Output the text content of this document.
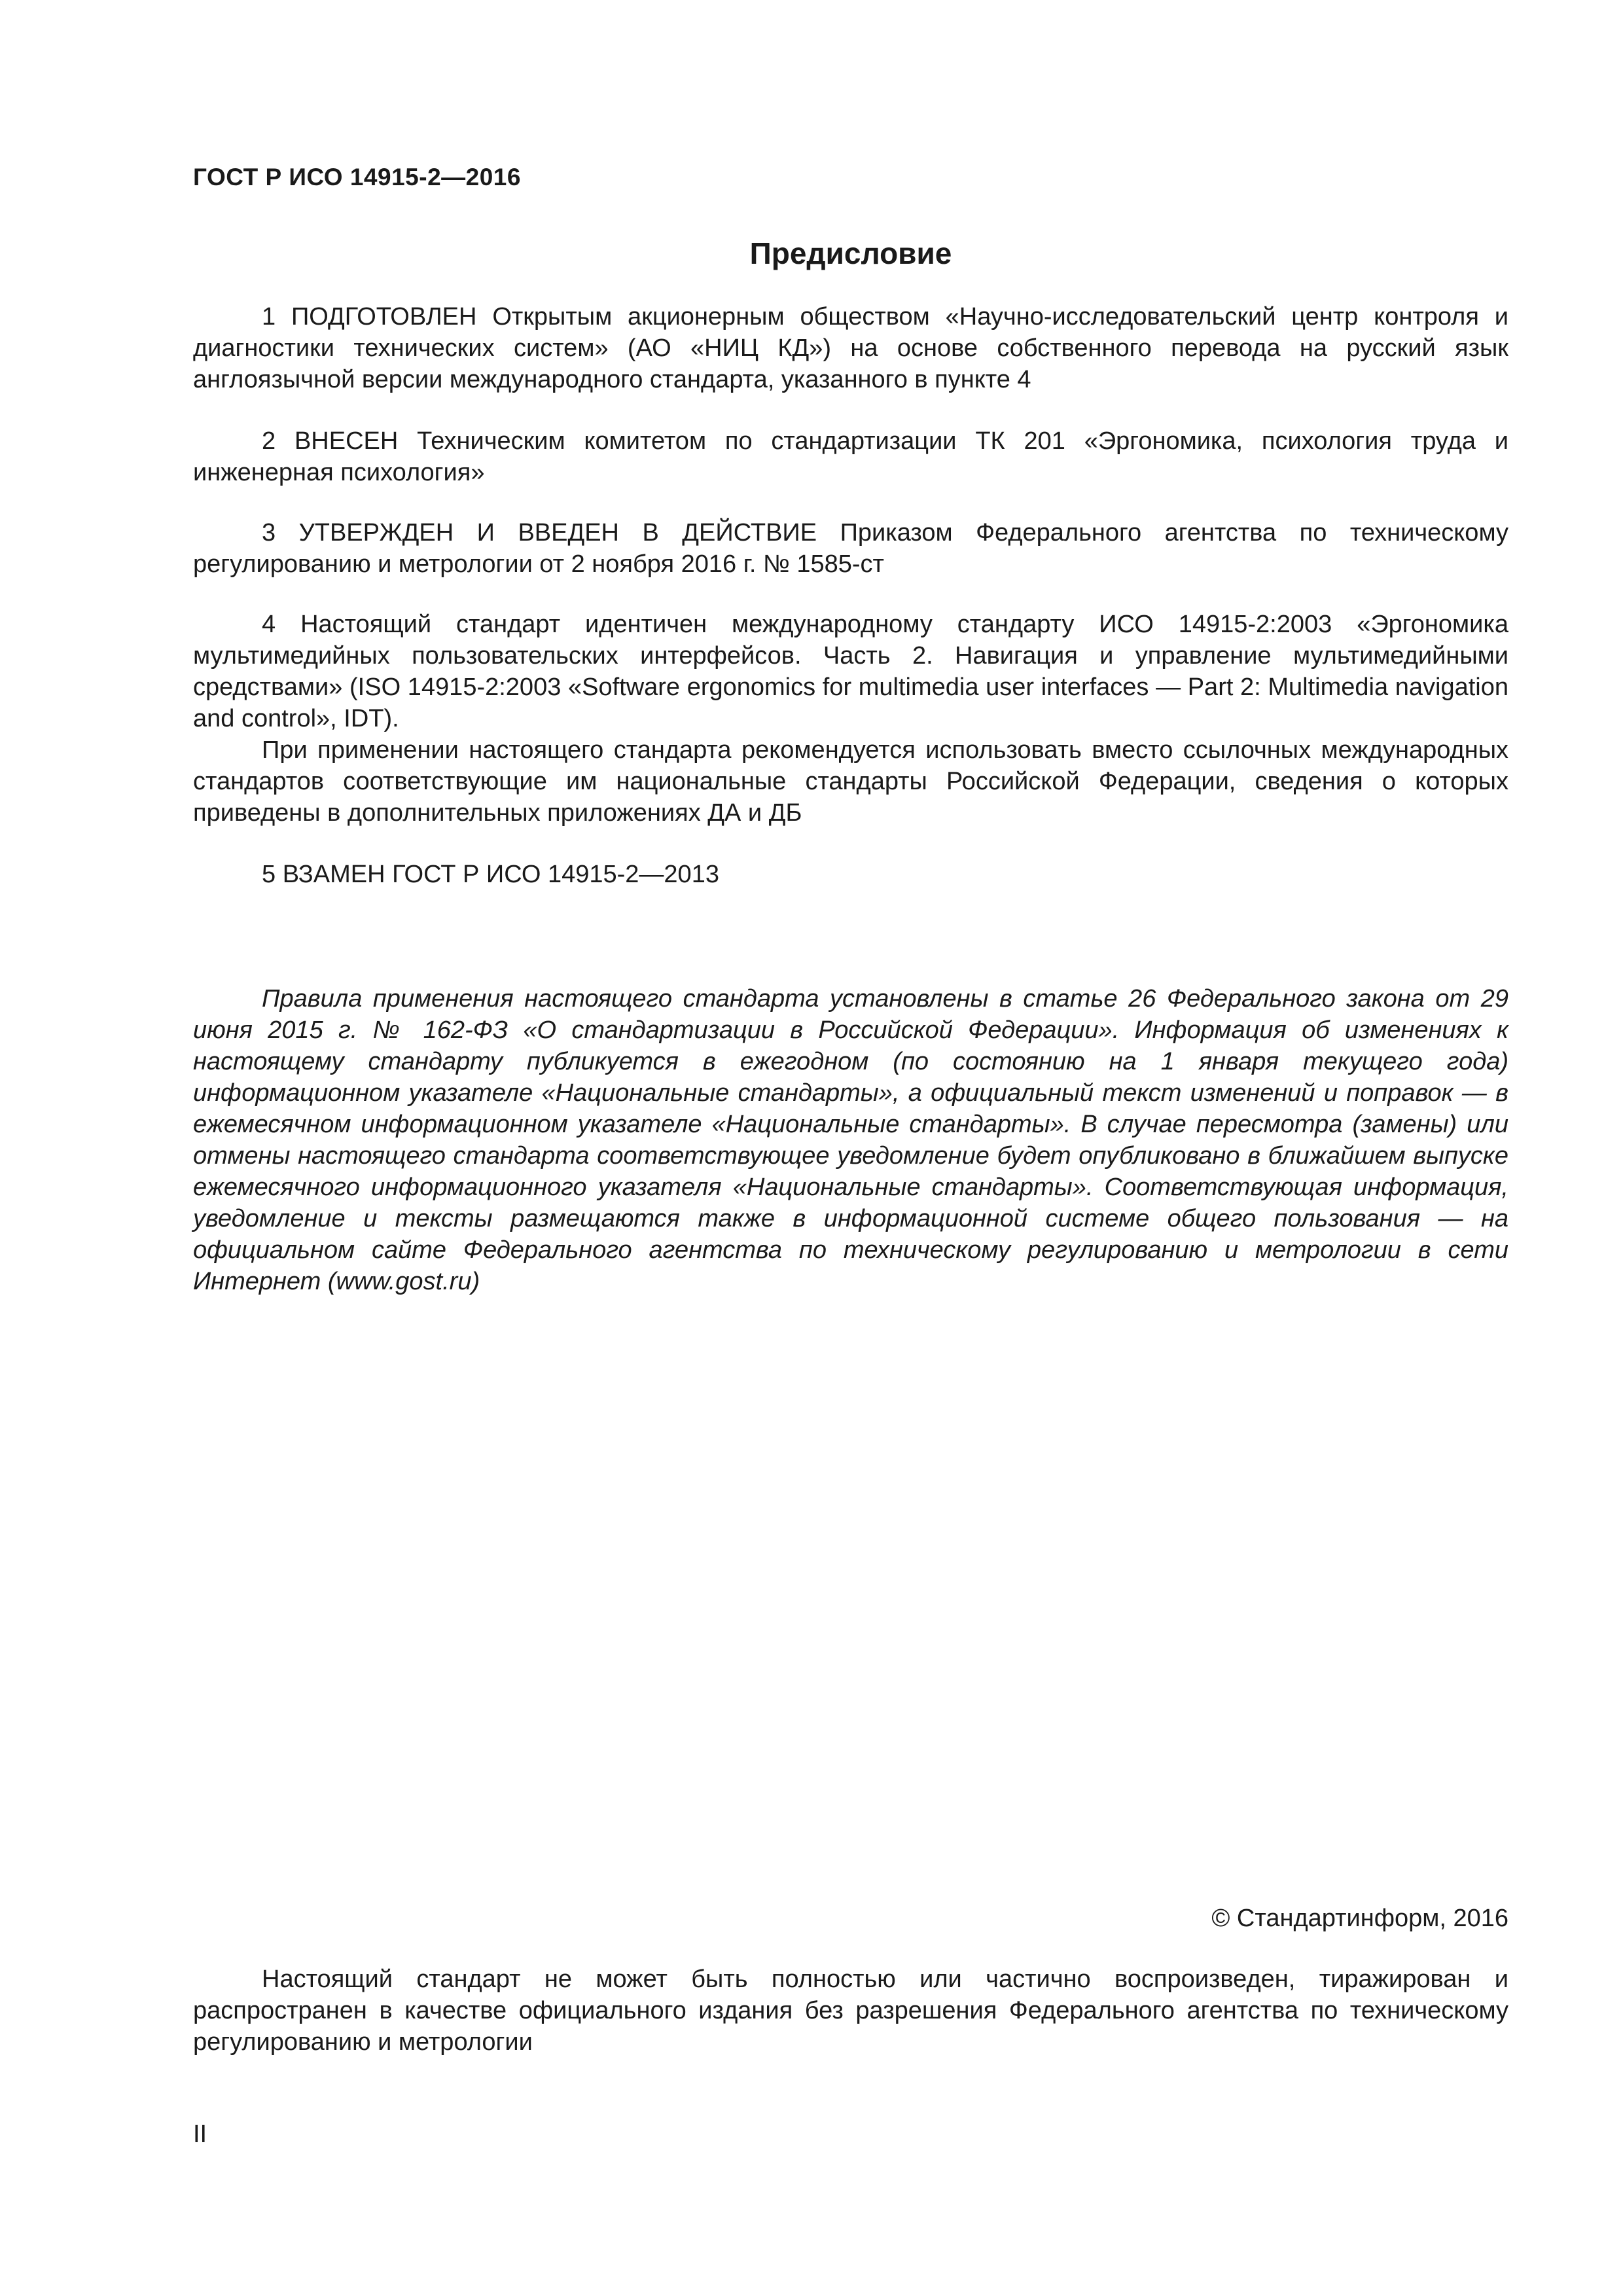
ГОСТ Р ИСО 14915-2—2016
Предисловие

1 ПОДГОТОВЛЕН Открытым акционерным обществом «Научно-исследовательский центр контроля и диагностики технических систем» (АО «НИЦ КД») на основе собственного перевода на русский язык англоязычной версии международного стандарта, указанного в пункте 4

2 ВНЕСЕН Техническим комитетом по стандартизации ТК 201 «Эргономика, психология труда и инженерная психология»

3 УТВЕРЖДЕН И ВВЕДЕН В ДЕЙСТВИЕ Приказом Федерального агентства по техническому регулированию и метрологии от 2 ноября 2016 г. № 1585-ст

4 Настоящий стандарт идентичен международному стандарту ИСО 14915-2:2003 «Эргономика мультимедийных пользовательских интерфейсов. Часть 2. Навигация и управление мультимедийными средствами» (ISO 14915-2:2003 «Software ergonomics for multimedia user interfaces — Part 2: Multimedia navigation and control», IDT).

При применении настоящего стандарта рекомендуется использовать вместо ссылочных международных стандартов соответствующие им национальные стандарты Российской Федерации, сведения о которых приведены в дополнительных приложениях ДА и ДБ

5 ВЗАМЕН ГОСТ Р ИСО 14915-2—2013

Правила применения настоящего стандарта установлены в статье 26 Федерального закона от 29 июня 2015 г. № 162-ФЗ «О стандартизации в Российской Федерации». Информация об изменениях к настоящему стандарту публикуется в ежегодном (по состоянию на 1 января текущего года) информационном указателе «Национальные стандарты», а официальный текст изменений и поправок — в ежемесячном информационном указателе «Национальные стандарты». В случае пересмотра (замены) или отмены настоящего стандарта соответствующее уведомление будет опубликовано в ближайшем выпуске ежемесячного информационного указателя «Национальные стандарты». Соответствующая информация, уведомление и тексты размещаются также в информационной системе общего пользования — на официальном сайте Федерального агентства по техническому регулированию и метрологии в сети Интернет (www.gost.ru)

© Стандартинформ, 2016

Настоящий стандарт не может быть полностью или частично воспроизведен, тиражирован и распространен в качестве официального издания без разрешения Федерального агентства по техническому регулированию и метрологии

II
